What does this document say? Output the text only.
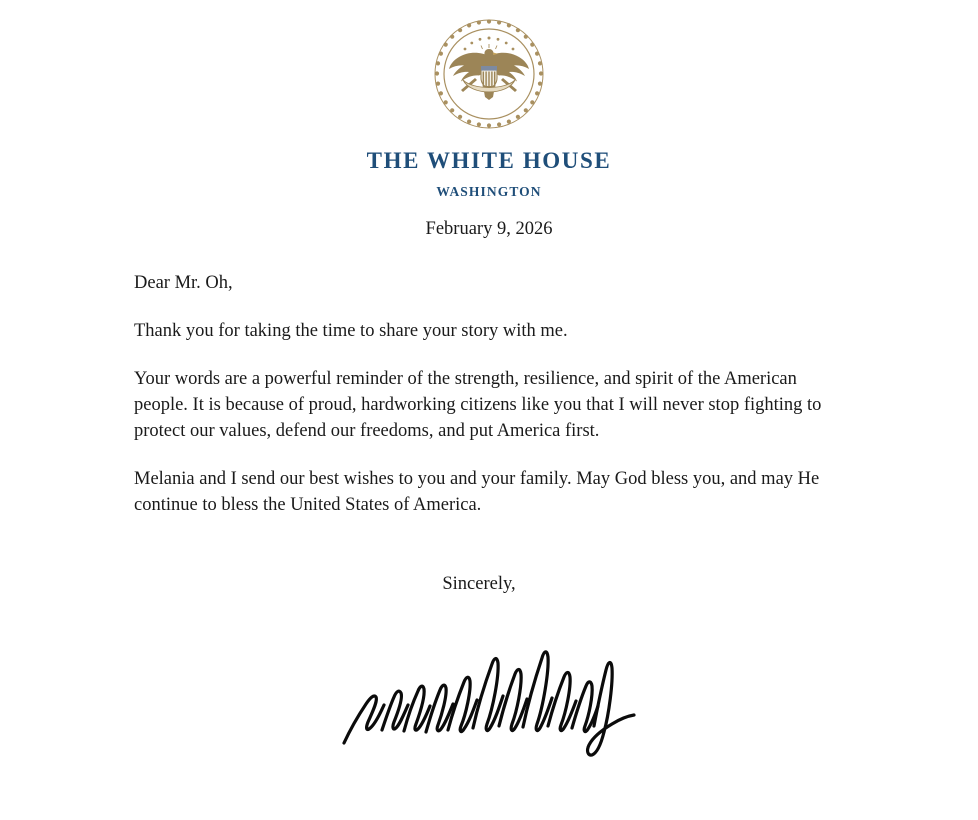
THE WHITE HOUSE
WASHINGTON
February 9, 2026

Dear Mr. Oh,

Thank you for taking the time to share your story with me.

Your words are a powerful reminder of the strength, resilience, and spirit of the American people. It is because of proud, hardworking citizens like you that I will never stop fighting to protect our values, defend our freedoms, and put America first.

Melania and I send our best wishes to you and your family. May God bless you, and may He continue to bless the United States of America.

Sincerely,
